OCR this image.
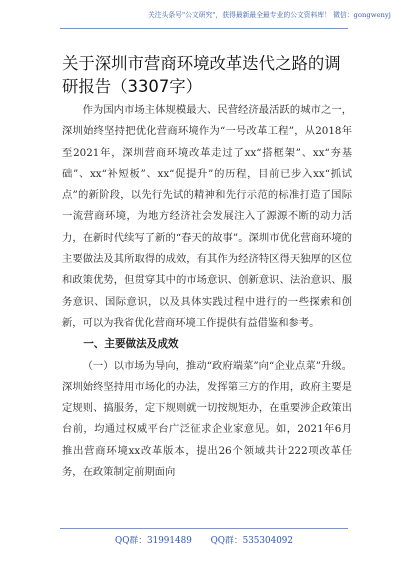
关注头条号"公文研究"，获得最新最全最专业的公文资料库！ 微信：gongwenyj
关于深圳市营商环境改革迭代之路的调研报告（3307字）

作为国内市场主体规模最大、民营经济最活跃的城市之一，深圳始终坚持把优化营商环境作为“一号改革工程”，从2018年至2021年，深圳营商环境改革走过了xx“搭框架”、xx“夯基础”、xx“补短板”、xx“促提升”的历程，目前已步入xx“抓试点”的新阶段，以先行先试的精神和先行示范的标准打造了国际一流营商环境，为地方经济社会发展注入了源源不断的动力活力，在新时代续写了新的“春天的故事”。深圳市优化营商环境的主要做法及其所取得的成效，有其作为经济特区得天独厚的区位和政策优势，但贯穿其中的市场意识、创新意识、法治意识、服务意识、国际意识，以及具体实践过程中进行的一些探索和创新，可以为我省优化营商环境工作提供有益借鉴和参考。

一、主要做法及成效

（一）以市场为导向，推动“政府端菜”向“企业点菜”升级。深圳始终坚持用市场化的办法，发挥第三方的作用，政府主要是定规则、搞服务，定下规则就一切按规矩办，在重要涉企政策出台前，均通过权威平台广泛征求企业家意见。如，2021年6月推出营商环境xx改革版本，提出26个领域共计222项改革任务，在政策制定前期面向

QQ群：31991489 QQ群：535304092
